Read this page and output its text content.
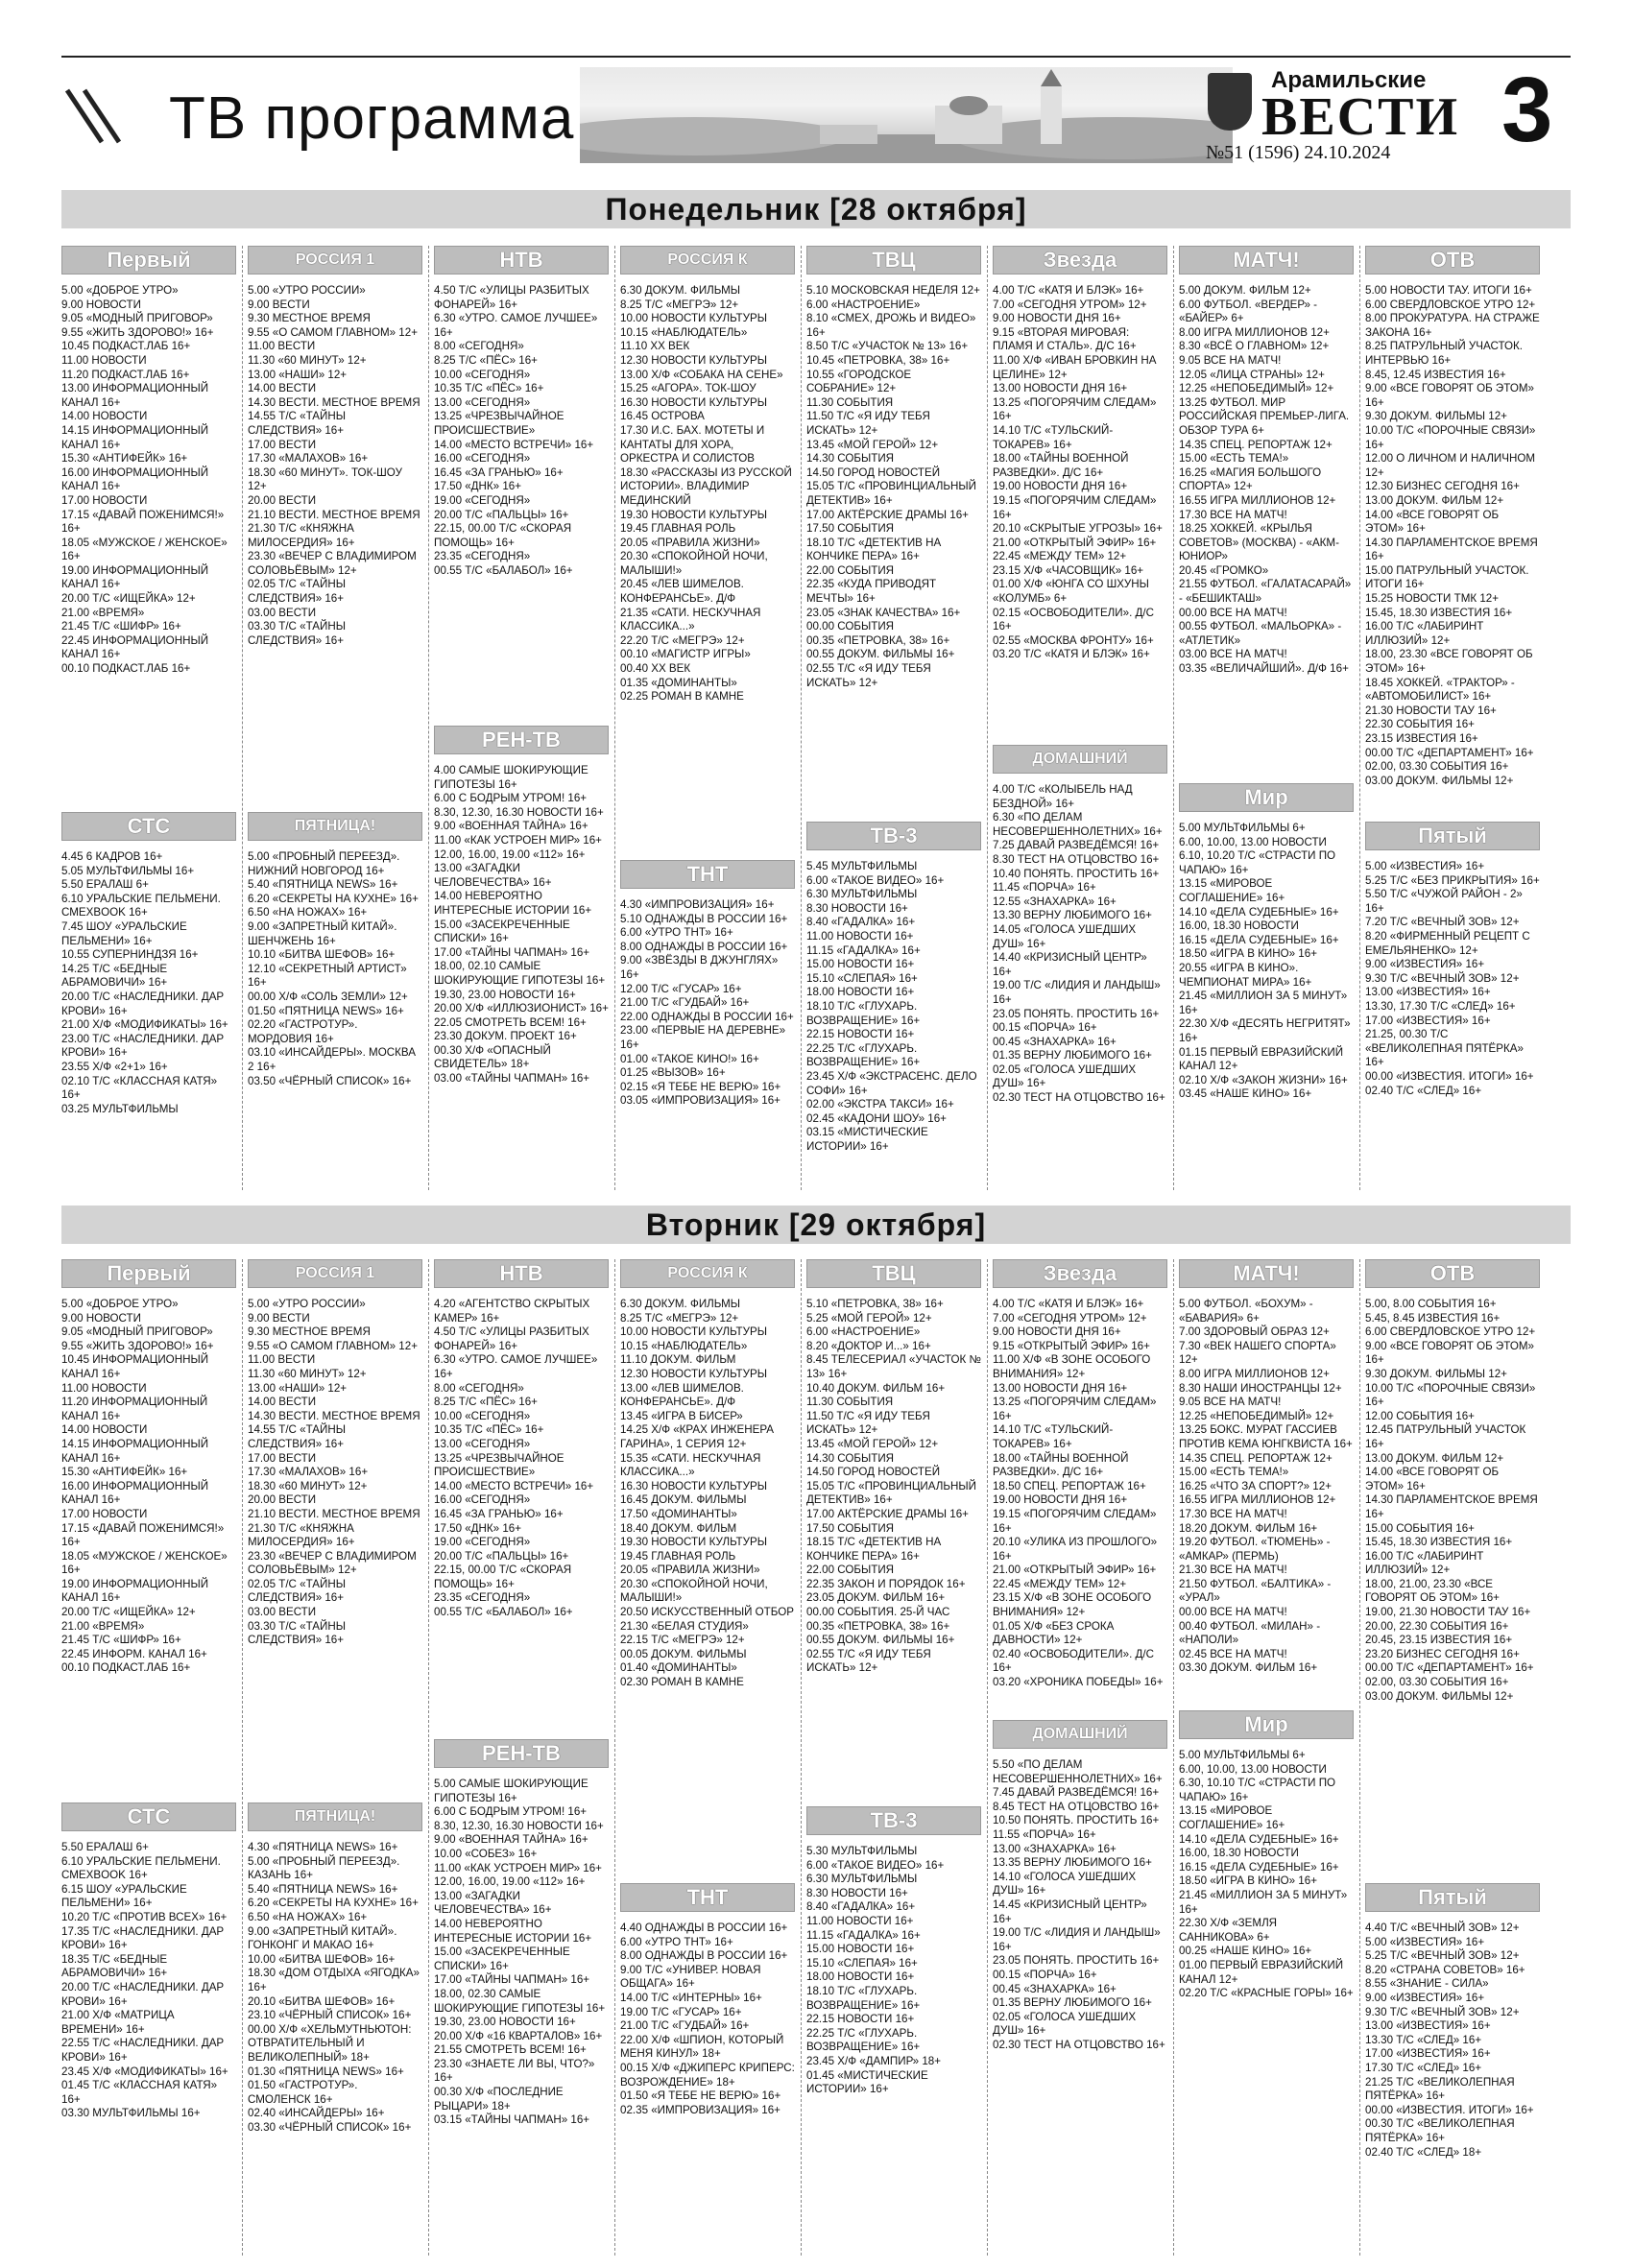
ТВ программа
Арамильские
ВЕСТИ
№51 (1596) 24.10.2024 3
Понедельник [28 октября]
Первый

5.00 «ДОБРОЕ УТРО»

9.00 НОВОСТИ

9.05 «МОДНЫЙ ПРИГОВОР»

9.55 «ЖИТЬ ЗДОРОВО!» 16+

10.45 ПОДКАСТ.ЛАБ 16+

11.00 НОВОСТИ

11.20 ПОДКАСТ.ЛАБ 16+

13.00 ИНФОРМАЦИОННЫЙ КАНАЛ 16+

14.00 НОВОСТИ

14.15 ИНФОРМАЦИОННЫЙ КАНАЛ 16+

15.30 «АНТИФЕЙК» 16+

16.00 ИНФОРМАЦИОННЫЙ КАНАЛ 16+

17.00 НОВОСТИ

17.15 «ДАВАЙ ПОЖЕНИМСЯ!» 16+

18.05 «МУЖСКОЕ / ЖЕНСКОЕ» 16+

19.00 ИНФОРМАЦИОННЫЙ КАНАЛ 16+

20.00 Т/С «ИЩЕЙКА» 12+

21.00 «ВРЕМЯ»

21.45 Т/С «ШИФР» 16+

22.45 ИНФОРМАЦИОННЫЙ КАНАЛ 16+

00.10 ПОДКАСТ.ЛАБ 16+

РОССИЯ 1

5.00 «УТРО РОССИИ»

9.00 ВЕСТИ

9.30 МЕСТНОЕ ВРЕМЯ

9.55 «О САМОМ ГЛАВНОМ» 12+

11.00 ВЕСТИ

11.30 «60 МИНУТ» 12+

13.00 «НАШИ» 12+

14.00 ВЕСТИ

14.30 ВЕСТИ. МЕСТНОЕ ВРЕМЯ

14.55 Т/С «ТАЙНЫ СЛЕДСТВИЯ» 16+

17.00 ВЕСТИ

17.30 «МАЛАХОВ» 16+

18.30 «60 МИНУТ». ТОК-ШОУ 12+

20.00 ВЕСТИ

21.10 ВЕСТИ. МЕСТНОЕ ВРЕМЯ

21.30 Т/С «КНЯЖНА МИЛОСЕРДИЯ» 16+

23.30 «ВЕЧЕР С ВЛАДИМИРОМ СОЛОВЬЁВЫМ» 12+

02.05 Т/С «ТАЙНЫ СЛЕДСТВИЯ» 16+

03.00 ВЕСТИ

03.30 Т/С «ТАЙНЫ СЛЕДСТВИЯ» 16+

НТВ

4.50 Т/С «УЛИЦЫ РАЗБИТЫХ ФОНАРЕЙ» 16+

6.30 «УТРО. САМОЕ ЛУЧШЕЕ» 16+

8.00 «СЕГОДНЯ»

8.25 Т/С «ПЁС» 16+

10.00 «СЕГОДНЯ»

10.35 Т/С «ПЁС» 16+

13.00 «СЕГОДНЯ»

13.25 «ЧРЕЗВЫЧАЙНОЕ ПРОИСШЕСТВИЕ»

14.00 «МЕСТО ВСТРЕЧИ» 16+

16.00 «СЕГОДНЯ»

16.45 «ЗА ГРАНЬЮ» 16+

17.50 «ДНК» 16+

19.00 «СЕГОДНЯ»

20.00 Т/С «ПАЛЬЦЫ» 16+

22.15, 00.00 Т/С «СКОРАЯ ПОМОЩЬ» 16+

23.35 «СЕГОДНЯ»

00.55 Т/С «БАЛАБОЛ» 16+

РОССИЯ К

6.30 ДОКУМ. ФИЛЬМЫ

8.25 Т/С «МЕГРЭ» 12+

10.00 НОВОСТИ КУЛЬТУРЫ

10.15 «НАБЛЮДАТЕЛЬ»

11.10 XX ВЕК

12.30 НОВОСТИ КУЛЬТУРЫ

13.00 Х/Ф «СОБАКА НА СЕНЕ»

15.25 «АГОРА». ТОК-ШОУ

16.30 НОВОСТИ КУЛЬТУРЫ

16.45 ОСТРОВА

17.30 И.С. БАХ. МОТЕТЫ И КАНТАТЫ ДЛЯ ХОРА, ОРКЕСТРА И СОЛИСТОВ

18.30 «РАССКАЗЫ ИЗ РУССКОЙ ИСТОРИИ». ВЛАДИМИР МЕДИНСКИЙ

19.30 НОВОСТИ КУЛЬТУРЫ

19.45 ГЛАВНАЯ РОЛЬ

20.05 «ПРАВИЛА ЖИЗНИ»

20.30 «СПОКОЙНОЙ НОЧИ, МАЛЫШИ!»

20.45 «ЛЕВ ШИМЕЛОВ. КОНФЕРАНСЬЕ». Д/Ф

21.35 «САТИ. НЕСКУЧНАЯ КЛАССИКА...»

22.20 Т/С «МЕГРЭ» 12+

00.10 «МАГИСТР ИГРЫ»

00.40 XX ВЕК

01.35 «ДОМИНАНТЫ»

02.25 РОМАН В КАМНЕ

ТВЦ

5.10 МОСКОВСКАЯ НЕДЕЛЯ 12+

6.00 «НАСТРОЕНИЕ»

8.10 «СМЕХ, ДРОЖЬ И ВИДЕО» 16+

8.50 Т/С «УЧАСТОК № 13» 16+

10.45 «ПЕТРОВКА, 38» 16+

10.55 «ГОРОДСКОЕ СОБРАНИЕ» 12+

11.30 СОБЫТИЯ

11.50 Т/С «Я ИДУ ТЕБЯ ИСКАТЬ» 12+

13.45 «МОЙ ГЕРОЙ» 12+

14.30 СОБЫТИЯ

14.50 ГОРОД НОВОСТЕЙ

15.05 Т/С «ПРОВИНЦИАЛЬНЫЙ ДЕТЕКТИВ» 16+

17.00 АКТЁРСКИЕ ДРАМЫ 16+

17.50 СОБЫТИЯ

18.10 Т/С «ДЕТЕКТИВ НА КОНЧИКЕ ПЕРА» 16+

22.00 СОБЫТИЯ

22.35 «КУДА ПРИВОДЯТ МЕЧТЫ» 16+

23.05 «ЗНАК КАЧЕСТВА» 16+

00.00 СОБЫТИЯ

00.35 «ПЕТРОВКА, 38» 16+

00.55 ДОКУМ. ФИЛЬМЫ 16+

02.55 Т/С «Я ИДУ ТЕБЯ ИСКАТЬ» 12+

Звезда

4.00 Т/С «КАТЯ И БЛЭК» 16+

7.00 «СЕГОДНЯ УТРОМ» 12+

9.00 НОВОСТИ ДНЯ 16+

9.15 «ВТОРАЯ МИРОВАЯ: ПЛАМЯ И СТАЛЬ». Д/С 16+

11.00 Х/Ф «ИВАН БРОВКИН НА ЦЕЛИНЕ» 12+

13.00 НОВОСТИ ДНЯ 16+

13.25 «ПОГОРЯЧИМ СЛЕДАМ» 16+

14.10 Т/С «ТУЛЬСКИЙ-ТОКАРЕВ» 16+

18.00 «ТАЙНЫ ВОЕННОЙ РАЗВЕДКИ». Д/С 16+

19.00 НОВОСТИ ДНЯ 16+

19.15 «ПОГОРЯЧИМ СЛЕДАМ» 16+

20.10 «СКРЫТЫЕ УГРОЗЫ» 16+

21.00 «ОТКРЫТЫЙ ЭФИР» 16+

22.45 «МЕЖДУ ТЕМ» 12+

23.15 Х/Ф «ЧАСОВЩИК» 16+

01.00 Х/Ф «ЮНГА СО ШХУНЫ «КОЛУМБ» 6+

02.15 «ОСВОБОДИТЕЛИ». Д/С 16+

02.55 «МОСКВА ФРОНТУ» 16+

03.20 Т/С «КАТЯ И БЛЭК» 16+

МАТЧ!

5.00 ДОКУМ. ФИЛЬМ 12+

6.00 ФУТБОЛ. «ВЕРДЕР» - «БАЙЕР» 6+

8.00 ИГРА МИЛЛИОНОВ 12+

8.30 «ВСЁ О ГЛАВНОМ» 12+

9.05 ВСЕ НА МАТЧ!

12.05 «ЛИЦА СТРАНЫ» 12+

12.25 «НЕПОБЕДИМЫЙ» 12+

13.25 ФУТБОЛ. МИР РОССИЙСКАЯ ПРЕМЬЕР-ЛИГА. ОБЗОР ТУРА 6+

14.35 СПЕЦ. РЕПОРТАЖ 12+

15.00 «ЕСТЬ ТЕМА!»

16.25 «МАГИЯ БОЛЬШОГО СПОРТА» 12+

16.55 ИГРА МИЛЛИОНОВ 12+

17.30 ВСЕ НА МАТЧ!

18.25 ХОККЕЙ. «КРЫЛЬЯ СОВЕТОВ» (МОСКВА) - «АКМ-ЮНИОР»

20.45 «ГРОМКО»

21.55 ФУТБОЛ. «ГАЛАТАСАРАЙ» - «БЕШИКТАШ»

00.00 ВСЕ НА МАТЧ!

00.55 ФУТБОЛ. «МАЛЬОРКА» - «АТЛЕТИК»

03.00 ВСЕ НА МАТЧ!

03.35 «ВЕЛИЧАЙШИЙ». Д/Ф 16+

ОТВ

5.00 НОВОСТИ ТАУ. ИТОГИ 16+

6.00 СВЕРДЛОВСКОЕ УТРО 12+

8.00 ПРОКУРАТУРА. НА СТРАЖЕ ЗАКОНА 16+

8.25 ПАТРУЛЬНЫЙ УЧАСТОК. ИНТЕРВЬЮ 16+

8.45, 12.45 ИЗВЕСТИЯ 16+

9.00 «ВСЕ ГОВОРЯТ ОБ ЭТОМ» 16+

9.30 ДОКУМ. ФИЛЬМЫ 12+

10.00 Т/С «ПОРОЧНЫЕ СВЯЗИ» 16+

12.00 О ЛИЧНОМ И НАЛИЧНОМ 12+

12.30 БИЗНЕС СЕГОДНЯ 16+

13.00 ДОКУМ. ФИЛЬМ 12+

14.00 «ВСЕ ГОВОРЯТ ОБ ЭТОМ» 16+

14.30 ПАРЛАМЕНТСКОЕ ВРЕМЯ 16+

15.00 ПАТРУЛЬНЫЙ УЧАСТОК. ИТОГИ 16+

15.25 НОВОСТИ ТМК 12+

15.45, 18.30 ИЗВЕСТИЯ 16+

16.00 Т/С «ЛАБИРИНТ ИЛЛЮЗИЙ» 12+

18.00, 23.30 «ВСЕ ГОВОРЯТ ОБ ЭТОМ» 16+

18.45 ХОККЕЙ. «ТРАКТОР» - «АВТОМОБИЛИСТ» 16+

21.30 НОВОСТИ ТАУ 16+

22.30 СОБЫТИЯ 16+

23.15 ИЗВЕСТИЯ 16+

00.00 Т/С «ДЕПАРТАМЕНТ» 16+

02.00, 03.30 СОБЫТИЯ 16+

03.00 ДОКУМ. ФИЛЬМЫ 12+

СТС

4.45 6 КАДРОВ 16+

5.05 МУЛЬТФИЛЬМЫ 16+

5.50 ЕРАЛАШ 6+

6.10 УРАЛЬСКИЕ ПЕЛЬМЕНИ. СМЕХBOOK 16+

7.45 ШОУ «УРАЛЬСКИЕ ПЕЛЬМЕНИ» 16+

10.55 СУПЕРНИНДЗЯ 16+

14.25 Т/С «БЕДНЫЕ АБРАМОВИЧИ» 16+

20.00 Т/С «НАСЛЕДНИКИ. ДАР КРОВИ» 16+

21.00 Х/Ф «МОДИФИКАТЫ» 16+

23.00 Т/С «НАСЛЕДНИКИ. ДАР КРОВИ» 16+

23.55 Х/Ф «2+1» 16+

02.10 Т/С «КЛАССНАЯ КАТЯ» 16+

03.25 МУЛЬТФИЛЬМЫ

ПЯТНИЦА!

5.00 «ПРОБНЫЙ ПЕРЕЕЗД». НИЖНИЙ НОВГОРОД 16+

5.40 «ПЯТНИЦА NEWS» 16+

6.20 «СЕКРЕТЫ НА КУХНЕ» 16+

6.50 «НА НОЖАХ» 16+

9.00 «ЗАПРЕТНЫЙ КИТАЙ». ШЕНЧЖЕНЬ 16+

10.10 «БИТВА ШЕФОВ» 16+

12.10 «СЕКРЕТНЫЙ АРТИСТ» 16+

00.00 Х/Ф «СОЛЬ ЗЕМЛИ» 12+

01.50 «ПЯТНИЦА NEWS» 16+

02.20 «ГАСТРОТУР». МОРДОВИЯ 16+

03.10 «ИНСАЙДЕРЫ». МОСКВА 2 16+

03.50 «ЧЁРНЫЙ СПИСОК» 16+

РЕН-ТВ

4.00 САМЫЕ ШОКИРУЮЩИЕ ГИПОТЕЗЫ 16+

6.00 С БОДРЫМ УТРОМ! 16+

8.30, 12.30, 16.30 НОВОСТИ 16+

9.00 «ВОЕННАЯ ТАЙНА» 16+

11.00 «КАК УСТРОЕН МИР» 16+

12.00, 16.00, 19.00 «112» 16+

13.00 «ЗАГАДКИ ЧЕЛОВЕЧЕСТВА» 16+

14.00 НЕВЕРОЯТНО ИНТЕРЕСНЫЕ ИСТОРИИ 16+

15.00 «ЗАСЕКРЕЧЕННЫЕ СПИСКИ» 16+

17.00 «ТАЙНЫ ЧАПМАН» 16+

18.00, 02.10 САМЫЕ ШОКИРУЮЩИЕ ГИПОТЕЗЫ 16+

19.30, 23.00 НОВОСТИ 16+

20.00 Х/Ф «ИЛЛЮЗИОНИСТ» 16+

22.05 СМОТРЕТЬ ВСЕМ! 16+

23.30 ДОКУМ. ПРОЕКТ 16+

00.30 Х/Ф «ОПАСНЫЙ СВИДЕТЕЛЬ» 18+

03.00 «ТАЙНЫ ЧАПМАН» 16+

ТНТ

4.30 «ИМПРОВИЗАЦИЯ» 16+

5.10 ОДНАЖДЫ В РОССИИ 16+

6.00 «УТРО ТНТ» 16+

8.00 ОДНАЖДЫ В РОССИИ 16+

9.00 «ЗВЁЗДЫ В ДЖУНГЛЯХ» 16+

12.00 Т/С «ГУСАР» 16+

21.00 Т/С «ГУДБАЙ» 16+

22.00 ОДНАЖДЫ В РОССИИ 16+

23.00 «ПЕРВЫЕ НА ДЕРЕВНЕ» 16+

01.00 «ТАКОЕ КИНО!» 16+

01.25 «ВЫЗОВ» 16+

02.15 «Я ТЕБЕ НЕ ВЕРЮ» 16+

03.05 «ИМПРОВИЗАЦИЯ» 16+

ТВ-3

5.45 МУЛЬТФИЛЬМЫ

6.00 «ТАКОЕ ВИДЕО» 16+

6.30 МУЛЬТФИЛЬМЫ

8.30 НОВОСТИ 16+

8.40 «ГАДАЛКА» 16+

11.00 НОВОСТИ 16+

11.15 «ГАДАЛКА» 16+

15.00 НОВОСТИ 16+

15.10 «СЛЕПАЯ» 16+

18.00 НОВОСТИ 16+

18.10 Т/С «ГЛУХАРЬ. ВОЗВРАЩЕНИЕ» 16+

22.15 НОВОСТИ 16+

22.25 Т/С «ГЛУХАРЬ. ВОЗВРАЩЕНИЕ» 16+

23.45 Х/Ф «ЭКСТРАСЕНС. ДЕЛО СОФИ» 16+

02.00 «ЭКСТРА ТАКСИ» 16+

02.45 «КАДОНИ ШОУ» 16+

03.15 «МИСТИЧЕСКИЕ ИСТОРИИ» 16+

ДОМАШНИЙ

4.00 Т/С «КОЛЫБЕЛЬ НАД БЕЗДНОЙ» 16+

6.30 «ПО ДЕЛАМ НЕСОВЕРШЕННОЛЕТНИХ» 16+

7.25 ДАВАЙ РАЗВЕДЁМСЯ! 16+

8.30 ТЕСТ НА ОТЦОВСТВО 16+

10.40 ПОНЯТЬ. ПРОСТИТЬ 16+

11.45 «ПОРЧА» 16+

12.55 «ЗНАХАРКА» 16+

13.30 ВЕРНУ ЛЮБИМОГО 16+

14.05 «ГОЛОСА УШЕДШИХ ДУШ» 16+

14.40 «КРИЗИСНЫЙ ЦЕНТР» 16+

19.00 Т/С «ЛИДИЯ И ЛАНДЫШ» 16+

23.05 ПОНЯТЬ. ПРОСТИТЬ 16+

00.15 «ПОРЧА» 16+

00.45 «ЗНАХАРКА» 16+

01.35 ВЕРНУ ЛЮБИМОГО 16+

02.05 «ГОЛОСА УШЕДШИХ ДУШ» 16+

02.30 ТЕСТ НА ОТЦОВСТВО 16+

Мир

5.00 МУЛЬТФИЛЬМЫ 6+

6.00, 10.00, 13.00 НОВОСТИ

6.10, 10.20 Т/С «СТРАСТИ ПО ЧАПАЮ» 16+

13.15 «МИРОВОЕ СОГЛАШЕНИЕ» 16+

14.10 «ДЕЛА СУДЕБНЫЕ» 16+

16.00, 18.30 НОВОСТИ

16.15 «ДЕЛА СУДЕБНЫЕ» 16+

18.50 «ИГРА В КИНО» 16+

20.55 «ИГРА В КИНО». ЧЕМПИОНАТ МИРА» 16+

21.45 «МИЛЛИОН ЗА 5 МИНУТ» 16+

22.30 Х/Ф «ДЕСЯТЬ НЕГРИТЯТ» 16+

01.15 ПЕРВЫЙ ЕВРАЗИЙСКИЙ КАНАЛ 12+

02.10 Х/Ф «ЗАКОН ЖИЗНИ» 16+

03.45 «НАШЕ КИНО» 16+

Пятый

5.00 «ИЗВЕСТИЯ» 16+

5.25 Т/С «БЕЗ ПРИКРЫТИЯ» 16+

5.50 Т/С «ЧУЖОЙ РАЙОН - 2» 16+

7.20 Т/С «ВЕЧНЫЙ ЗОВ» 12+

8.20 «ФИРМЕННЫЙ РЕЦЕПТ С ЕМЕЛЬЯНЕНКО» 12+

9.00 «ИЗВЕСТИЯ» 16+

9.30 Т/С «ВЕЧНЫЙ ЗОВ» 12+

13.00 «ИЗВЕСТИЯ» 16+

13.30, 17.30 Т/С «СЛЕД» 16+

17.00 «ИЗВЕСТИЯ» 16+

21.25, 00.30 Т/С «ВЕЛИКОЛЕПНАЯ ПЯТЁРКА» 16+

00.00 «ИЗВЕСТИЯ. ИТОГИ» 16+

02.40 Т/С «СЛЕД» 16+

Вторник [29 октября]
Первый

5.00 «ДОБРОЕ УТРО»

9.00 НОВОСТИ

9.05 «МОДНЫЙ ПРИГОВОР»

9.55 «ЖИТЬ ЗДОРОВО!» 16+

10.45 ИНФОРМАЦИОННЫЙ КАНАЛ 16+

11.00 НОВОСТИ

11.20 ИНФОРМАЦИОННЫЙ КАНАЛ 16+

14.00 НОВОСТИ

14.15 ИНФОРМАЦИОННЫЙ КАНАЛ 16+

15.30 «АНТИФЕЙК» 16+

16.00 ИНФОРМАЦИОННЫЙ КАНАЛ 16+

17.00 НОВОСТИ

17.15 «ДАВАЙ ПОЖЕНИМСЯ!» 16+

18.05 «МУЖСКОЕ / ЖЕНСКОЕ» 16+

19.00 ИНФОРМАЦИОННЫЙ КАНАЛ 16+

20.00 Т/С «ИЩЕЙКА» 12+

21.00 «ВРЕМЯ»

21.45 Т/С «ШИФР» 16+

22.45 ИНФОРМ. КАНАЛ 16+

00.10 ПОДКАСТ.ЛАБ 16+

РОССИЯ 1

5.00 «УТРО РОССИИ»

9.00 ВЕСТИ

9.30 МЕСТНОЕ ВРЕМЯ

9.55 «О САМОМ ГЛАВНОМ» 12+

11.00 ВЕСТИ

11.30 «60 МИНУТ» 12+

13.00 «НАШИ» 12+

14.00 ВЕСТИ

14.30 ВЕСТИ. МЕСТНОЕ ВРЕМЯ

14.55 Т/С «ТАЙНЫ СЛЕДСТВИЯ» 16+

17.00 ВЕСТИ

17.30 «МАЛАХОВ» 16+

18.30 «60 МИНУТ» 12+

20.00 ВЕСТИ

21.10 ВЕСТИ. МЕСТНОЕ ВРЕМЯ

21.30 Т/С «КНЯЖНА МИЛОСЕРДИЯ» 16+

23.30 «ВЕЧЕР С ВЛАДИМИРОМ СОЛОВЬЁВЫМ» 12+

02.05 Т/С «ТАЙНЫ СЛЕДСТВИЯ» 16+

03.00 ВЕСТИ

03.30 Т/С «ТАЙНЫ СЛЕДСТВИЯ» 16+

НТВ

4.20 «АГЕНТСТВО СКРЫТЫХ КАМЕР» 16+

4.50 Т/С «УЛИЦЫ РАЗБИТЫХ ФОНАРЕЙ» 16+

6.30 «УТРО. САМОЕ ЛУЧШЕЕ» 16+

8.00 «СЕГОДНЯ»

8.25 Т/С «ПЁС» 16+

10.00 «СЕГОДНЯ»

10.35 Т/С «ПЁС» 16+

13.00 «СЕГОДНЯ»

13.25 «ЧРЕЗВЫЧАЙНОЕ ПРОИСШЕСТВИЕ»

14.00 «МЕСТО ВСТРЕЧИ» 16+

16.00 «СЕГОДНЯ»

16.45 «ЗА ГРАНЬЮ» 16+

17.50 «ДНК» 16+

19.00 «СЕГОДНЯ»

20.00 Т/С «ПАЛЬЦЫ» 16+

22.15, 00.00 Т/С «СКОРАЯ ПОМОЩЬ» 16+

23.35 «СЕГОДНЯ»

00.55 Т/С «БАЛАБОЛ» 16+

РОССИЯ К

6.30 ДОКУМ. ФИЛЬМЫ

8.25 Т/С «МЕГРЭ» 12+

10.00 НОВОСТИ КУЛЬТУРЫ

10.15 «НАБЛЮДАТЕЛЬ»

11.10 ДОКУМ. ФИЛЬМ

12.30 НОВОСТИ КУЛЬТУРЫ

13.00 «ЛЕВ ШИМЕЛОВ. КОНФЕРАНСЬЕ». Д/Ф

13.45 «ИГРА В БИСЕР»

14.25 Х/Ф «КРАХ ИНЖЕНЕРА ГАРИНА», 1 СЕРИЯ 12+

15.35 «САТИ. НЕСКУЧНАЯ КЛАССИКА...»

16.30 НОВОСТИ КУЛЬТУРЫ

16.45 ДОКУМ. ФИЛЬМЫ

17.50 «ДОМИНАНТЫ»

18.40 ДОКУМ. ФИЛЬМ

19.30 НОВОСТИ КУЛЬТУРЫ

19.45 ГЛАВНАЯ РОЛЬ

20.05 «ПРАВИЛА ЖИЗНИ»

20.30 «СПОКОЙНОЙ НОЧИ, МАЛЫШИ!»

20.50 ИСКУССТВЕННЫЙ ОТБОР

21.30 «БЕЛАЯ СТУДИЯ»

22.15 Т/С «МЕГРЭ» 12+

00.05 ДОКУМ. ФИЛЬМЫ

01.40 «ДОМИНАНТЫ»

02.30 РОМАН В КАМНЕ

ТВЦ

5.10 «ПЕТРОВКА, 38» 16+

5.25 «МОЙ ГЕРОЙ» 12+

6.00 «НАСТРОЕНИЕ»

8.20 «ДОКТОР И...» 16+

8.45 ТЕЛЕСЕРИАЛ «УЧАСТОК № 13» 16+

10.40 ДОКУМ. ФИЛЬМ 16+

11.30 СОБЫТИЯ

11.50 Т/С «Я ИДУ ТЕБЯ ИСКАТЬ» 12+

13.45 «МОЙ ГЕРОЙ» 12+

14.30 СОБЫТИЯ

14.50 ГОРОД НОВОСТЕЙ

15.05 Т/С «ПРОВИНЦИАЛЬНЫЙ ДЕТЕКТИВ» 16+

17.00 АКТЁРСКИЕ ДРАМЫ 16+

17.50 СОБЫТИЯ

18.15 Т/С «ДЕТЕКТИВ НА КОНЧИКЕ ПЕРА» 16+

22.00 СОБЫТИЯ

22.35 ЗАКОН И ПОРЯДОК 16+

23.05 ДОКУМ. ФИЛЬМ 16+

00.00 СОБЫТИЯ. 25-Й ЧАС

00.35 «ПЕТРОВКА, 38» 16+

00.55 ДОКУМ. ФИЛЬМЫ 16+

02.55 Т/С «Я ИДУ ТЕБЯ ИСКАТЬ» 12+

Звезда

4.00 Т/С «КАТЯ И БЛЭК» 16+

7.00 «СЕГОДНЯ УТРОМ» 12+

9.00 НОВОСТИ ДНЯ 16+

9.15 «ОТКРЫТЫЙ ЭФИР» 16+

11.00 Х/Ф «В ЗОНЕ ОСОБОГО ВНИМАНИЯ» 12+

13.00 НОВОСТИ ДНЯ 16+

13.25 «ПОГОРЯЧИМ СЛЕДАМ» 16+

14.10 Т/С «ТУЛЬСКИЙ-ТОКАРЕВ» 16+

18.00 «ТАЙНЫ ВОЕННОЙ РАЗВЕДКИ». Д/С 16+

18.50 СПЕЦ. РЕПОРТАЖ 16+

19.00 НОВОСТИ ДНЯ 16+

19.15 «ПОГОРЯЧИМ СЛЕДАМ» 16+

20.10 «УЛИКА ИЗ ПРОШЛОГО» 16+

21.00 «ОТКРЫТЫЙ ЭФИР» 16+

22.45 «МЕЖДУ ТЕМ» 12+

23.15 Х/Ф «В ЗОНЕ ОСОБОГО ВНИМАНИЯ» 12+

01.05 Х/Ф «БЕЗ СРОКА ДАВНОСТИ» 12+

02.40 «ОСВОБОДИТЕЛИ». Д/С 16+

03.20 «ХРОНИКА ПОБЕДЫ» 16+

МАТЧ!

5.00 ФУТБОЛ. «БОХУМ» - «БАВАРИЯ» 6+

7.00 ЗДОРОВЫЙ ОБРАЗ 12+

7.30 «ВЕК НАШЕГО СПОРТА» 12+

8.00 ИГРА МИЛЛИОНОВ 12+

8.30 НАШИ ИНОСТРАНЦЫ 12+

9.05 ВСЕ НА МАТЧ!

12.25 «НЕПОБЕДИМЫЙ» 12+

13.25 БОКС. МУРАТ ГАССИЕВ ПРОТИВ КЕМА ЮНГКВИСТА 16+

14.35 СПЕЦ. РЕПОРТАЖ 12+

15.00 «ЕСТЬ ТЕМА!»

16.25 «ЧТО ЗА СПОРТ?» 12+

16.55 ИГРА МИЛЛИОНОВ 12+

17.30 ВСЕ НА МАТЧ!

18.20 ДОКУМ. ФИЛЬМ 16+

19.20 ФУТБОЛ. «ТЮМЕНЬ» - «АМКАР» (ПЕРМЬ)

21.30 ВСЕ НА МАТЧ!

21.50 ФУТБОЛ. «БАЛТИКА» - «УРАЛ»

00.00 ВСЕ НА МАТЧ!

00.40 ФУТБОЛ. «МИЛАН» - «НАПОЛИ»

02.45 ВСЕ НА МАТЧ!

03.30 ДОКУМ. ФИЛЬМ 16+

ОТВ

5.00, 8.00 СОБЫТИЯ 16+

5.45, 8.45 ИЗВЕСТИЯ 16+

6.00 СВЕРДЛОВСКОЕ УТРО 12+

9.00 «ВСЕ ГОВОРЯТ ОБ ЭТОМ» 16+

9.30 ДОКУМ. ФИЛЬМЫ 12+

10.00 Т/С «ПОРОЧНЫЕ СВЯЗИ» 16+

12.00 СОБЫТИЯ 16+

12.45 ПАТРУЛЬНЫЙ УЧАСТОК 16+

13.00 ДОКУМ. ФИЛЬМ 12+

14.00 «ВСЕ ГОВОРЯТ ОБ ЭТОМ» 16+

14.30 ПАРЛАМЕНТСКОЕ ВРЕМЯ 16+

15.00 СОБЫТИЯ 16+

15.45, 18.30 ИЗВЕСТИЯ 16+

16.00 Т/С «ЛАБИРИНТ ИЛЛЮЗИЙ» 12+

18.00, 21.00, 23.30 «ВСЕ ГОВОРЯТ ОБ ЭТОМ» 16+

19.00, 21.30 НОВОСТИ ТАУ 16+

20.00, 22.30 СОБЫТИЯ 16+

20.45, 23.15 ИЗВЕСТИЯ 16+

23.20 БИЗНЕС СЕГОДНЯ 16+

00.00 Т/С «ДЕПАРТАМЕНТ» 16+

02.00, 03.30 СОБЫТИЯ 16+

03.00 ДОКУМ. ФИЛЬМЫ 12+

СТС

5.50 ЕРАЛАШ 6+

6.10 УРАЛЬСКИЕ ПЕЛЬМЕНИ. СМЕХBOOK 16+

6.15 ШОУ «УРАЛЬСКИЕ ПЕЛЬМЕНИ» 16+

10.20 Т/С «ПРОТИВ ВСЕХ» 16+

17.35 Т/С «НАСЛЕДНИКИ. ДАР КРОВИ» 16+

18.35 Т/С «БЕДНЫЕ АБРАМОВИЧИ» 16+

20.00 Т/С «НАСЛЕДНИКИ. ДАР КРОВИ» 16+

21.00 Х/Ф «МАТРИЦА ВРЕМЕНИ» 16+

22.55 Т/С «НАСЛЕДНИКИ. ДАР КРОВИ» 16+

23.45 Х/Ф «МОДИФИКАТЫ» 16+

01.45 Т/С «КЛАССНАЯ КАТЯ» 16+

03.30 МУЛЬТФИЛЬМЫ 16+

ПЯТНИЦА!

4.30 «ПЯТНИЦА NEWS» 16+

5.00 «ПРОБНЫЙ ПЕРЕЕЗД». КАЗАНЬ 16+

5.40 «ПЯТНИЦА NEWS» 16+

6.20 «СЕКРЕТЫ НА КУХНЕ» 16+

6.50 «НА НОЖАХ» 16+

9.00 «ЗАПРЕТНЫЙ КИТАЙ». ГОНКОНГ И МАКАО 16+

10.00 «БИТВА ШЕФОВ» 16+

18.30 «ДОМ ОТДЫХА «ЯГОДКА» 16+

20.10 «БИТВА ШЕФОВ» 16+

23.10 «ЧЁРНЫЙ СПИСОК» 16+

00.00 Х/Ф «ХЕЛЬМУТНЬЮТОН: ОТВРАТИТЕЛЬНЫЙ И ВЕЛИКОЛЕПНЫЙ» 18+

01.30 «ПЯТНИЦА NEWS» 16+

01.50 «ГАСТРОТУР». СМОЛЕНСК 16+

02.40 «ИНСАЙДЕРЫ» 16+

03.30 «ЧЁРНЫЙ СПИСОК» 16+

РЕН-ТВ

5.00 САМЫЕ ШОКИРУЮЩИЕ ГИПОТЕЗЫ 16+

6.00 С БОДРЫМ УТРОМ! 16+

8.30, 12.30, 16.30 НОВОСТИ 16+

9.00 «ВОЕННАЯ ТАЙНА» 16+

10.00 «СОБЕЗ» 16+

11.00 «КАК УСТРОЕН МИР» 16+

12.00, 16.00, 19.00 «112» 16+

13.00 «ЗАГАДКИ ЧЕЛОВЕЧЕСТВА» 16+

14.00 НЕВЕРОЯТНО ИНТЕРЕСНЫЕ ИСТОРИИ 16+

15.00 «ЗАСЕКРЕЧЕННЫЕ СПИСКИ» 16+

17.00 «ТАЙНЫ ЧАПМАН» 16+

18.00, 02.30 САМЫЕ ШОКИРУЮЩИЕ ГИПОТЕЗЫ 16+

19.30, 23.00 НОВОСТИ 16+

20.00 Х/Ф «16 КВАРТАЛОВ» 16+

21.55 СМОТРЕТЬ ВСЕМ! 16+

23.30 «ЗНАЕТЕ ЛИ ВЫ, ЧТО?» 16+

00.30 Х/Ф «ПОСЛЕДНИЕ РЫЦАРИ» 18+

03.15 «ТАЙНЫ ЧАПМАН» 16+

ТНТ

4.40 ОДНАЖДЫ В РОССИИ 16+

6.00 «УТРО ТНТ» 16+

8.00 ОДНАЖДЫ В РОССИИ 16+

9.00 Т/С «УНИВЕР. НОВАЯ ОБЩАГА» 16+

14.00 Т/С «ИНТЕРНЫ» 16+

19.00 Т/С «ГУСАР» 16+

21.00 Т/С «ГУДБАЙ» 16+

22.00 Х/Ф «ШПИОН, КОТОРЫЙ МЕНЯ КИНУЛ» 18+

00.15 Х/Ф «ДЖИПЕРС КРИПЕРС: ВОЗРОЖДЕНИЕ» 18+

01.50 «Я ТЕБЕ НЕ ВЕРЮ» 16+

02.35 «ИМПРОВИЗАЦИЯ» 16+

ТВ-3

5.30 МУЛЬТФИЛЬМЫ

6.00 «ТАКОЕ ВИДЕО» 16+

6.30 МУЛЬТФИЛЬМЫ

8.30 НОВОСТИ 16+

8.40 «ГАДАЛКА» 16+

11.00 НОВОСТИ 16+

11.15 «ГАДАЛКА» 16+

15.00 НОВОСТИ 16+

15.10 «СЛЕПАЯ» 16+

18.00 НОВОСТИ 16+

18.10 Т/С «ГЛУХАРЬ. ВОЗВРАЩЕНИЕ» 16+

22.15 НОВОСТИ 16+

22.25 Т/С «ГЛУХАРЬ. ВОЗВРАЩЕНИЕ» 16+

23.45 Х/Ф «ДАМПИР» 18+

01.45 «МИСТИЧЕСКИЕ ИСТОРИИ» 16+

ДОМАШНИЙ

5.50 «ПО ДЕЛАМ НЕСОВЕРШЕННОЛЕТНИХ» 16+

7.45 ДАВАЙ РАЗВЕДЁМСЯ! 16+

8.45 ТЕСТ НА ОТЦОВСТВО 16+

10.50 ПОНЯТЬ. ПРОСТИТЬ 16+

11.55 «ПОРЧА» 16+

13.00 «ЗНАХАРКА» 16+

13.35 ВЕРНУ ЛЮБИМОГО 16+

14.10 «ГОЛОСА УШЕДШИХ ДУШ» 16+

14.45 «КРИЗИСНЫЙ ЦЕНТР» 16+

19.00 Т/С «ЛИДИЯ И ЛАНДЫШ» 16+

23.05 ПОНЯТЬ. ПРОСТИТЬ 16+

00.15 «ПОРЧА» 16+

00.45 «ЗНАХАРКА» 16+

01.35 ВЕРНУ ЛЮБИМОГО 16+

02.05 «ГОЛОСА УШЕДШИХ ДУШ» 16+

02.30 ТЕСТ НА ОТЦОВСТВО 16+

Мир

5.00 МУЛЬТФИЛЬМЫ 6+

6.00, 10.00, 13.00 НОВОСТИ

6.30, 10.10 Т/С «СТРАСТИ ПО ЧАПАЮ» 16+

13.15 «МИРОВОЕ СОГЛАШЕНИЕ» 16+

14.10 «ДЕЛА СУДЕБНЫЕ» 16+

16.00, 18.30 НОВОСТИ

16.15 «ДЕЛА СУДЕБНЫЕ» 16+

18.50 «ИГРА В КИНО» 16+

21.45 «МИЛЛИОН ЗА 5 МИНУТ» 16+

22.30 Х/Ф «ЗЕМЛЯ САННИКОВА» 6+

00.25 «НАШЕ КИНО» 16+

01.00 ПЕРВЫЙ ЕВРАЗИЙСКИЙ КАНАЛ 12+

02.20 Т/С «КРАСНЫЕ ГОРЫ» 16+

Пятый

4.40 Т/С «ВЕЧНЫЙ ЗОВ» 12+

5.00 «ИЗВЕСТИЯ» 16+

5.25 Т/С «ВЕЧНЫЙ ЗОВ» 12+

8.20 «СТРАНА СОВЕТОВ» 16+

8.55 «ЗНАНИЕ - СИЛА»

9.00 «ИЗВЕСТИЯ» 16+

9.30 Т/С «ВЕЧНЫЙ ЗОВ» 12+

13.00 «ИЗВЕСТИЯ» 16+

13.30 Т/С «СЛЕД» 16+

17.00 «ИЗВЕСТИЯ» 16+

17.30 Т/С «СЛЕД» 16+

21.25 Т/С «ВЕЛИКОЛЕПНАЯ ПЯТЁРКА» 16+

00.00 «ИЗВЕСТИЯ. ИТОГИ» 16+

00.30 Т/С «ВЕЛИКОЛЕПНАЯ ПЯТЁРКА» 16+

02.40 Т/С «СЛЕД» 18+
